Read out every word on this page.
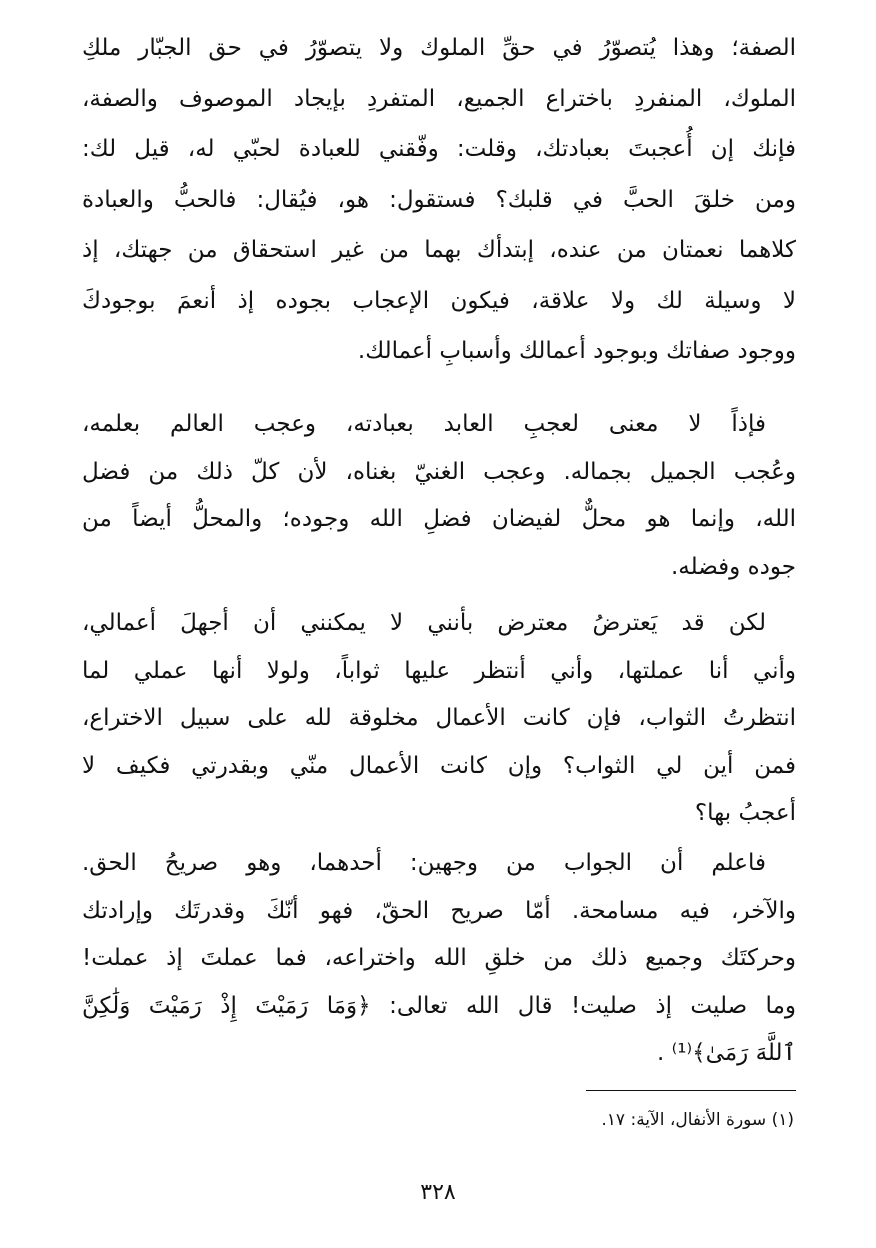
الصفة؛ وهذا يُتصوّرُ في حقِّ الملوك ولا يتصوّرُ في حق الجبّار ملكِ
الملوك، المنفردِ باختراع الجميع، المتفردِ بإيجاد الموصوف والصفة،
فإنك إن أُعجبتَ بعبادتك، وقلت: وفّقني للعبادة لحبّي له، قيل لك:
ومن خلقَ الحبَّ في قلبك؟ فستقول: هو، فيُقال: فالحبُّ والعبادة
كلاهما نعمتان من عنده، إبتدأك بهما من غير استحقاق من جهتك، إذ
لا وسيلة لك ولا علاقة، فيكون الإعجاب بجوده إذ أنعمَ بوجودكَ
ووجود صفاتك وبوجود أعمالك وأسبابِ أعمالك.
فإذاً لا معنى لعجبِ العابد بعبادته، وعجب العالم بعلمه،
وعُجب الجميل بجماله. وعجب الغنيّ بغناه، لأن كلّ ذلك من فضل
الله، وإنما هو محلٌّ لفيضان فضلِ الله وجوده؛ والمحلُّ أيضاً من
جوده وفضله.
لكن قد يَعترضُ معترض بأنني لا يمكنني أن أجهلَ أعمالي،
وأني أنا عملتها، وأني أنتظر عليها ثواباً، ولولا أنها عملي لما
انتظرتُ الثواب، فإن كانت الأعمال مخلوقة لله على سبيل الاختراع،
فمن أين لي الثواب؟ وإن كانت الأعمال منّي وبقدرتي فكيف لا
أعجبُ بها؟
فاعلم أن الجواب من وجهين: أحدهما، وهو صريحُ الحق.
والآخر، فيه مسامحة. أمّا صريح الحقّ، فهو أنّكَ وقدرتَك وإرادتك
وحركتَك وجميع ذلك من خلقِ الله واختراعه، فما عملتَ إذ عملت!
وما صليت إذ صليت! قال الله تعالى: ﴿وَمَا رَمَيْتَ إِذْ رَمَيْتَ وَلَٰكِنَّ
ٱللَّهَ رَمَىٰ﴾⁽¹⁾ .
(١) سورة الأنفال، الآية: ١٧.
٣٢٨
